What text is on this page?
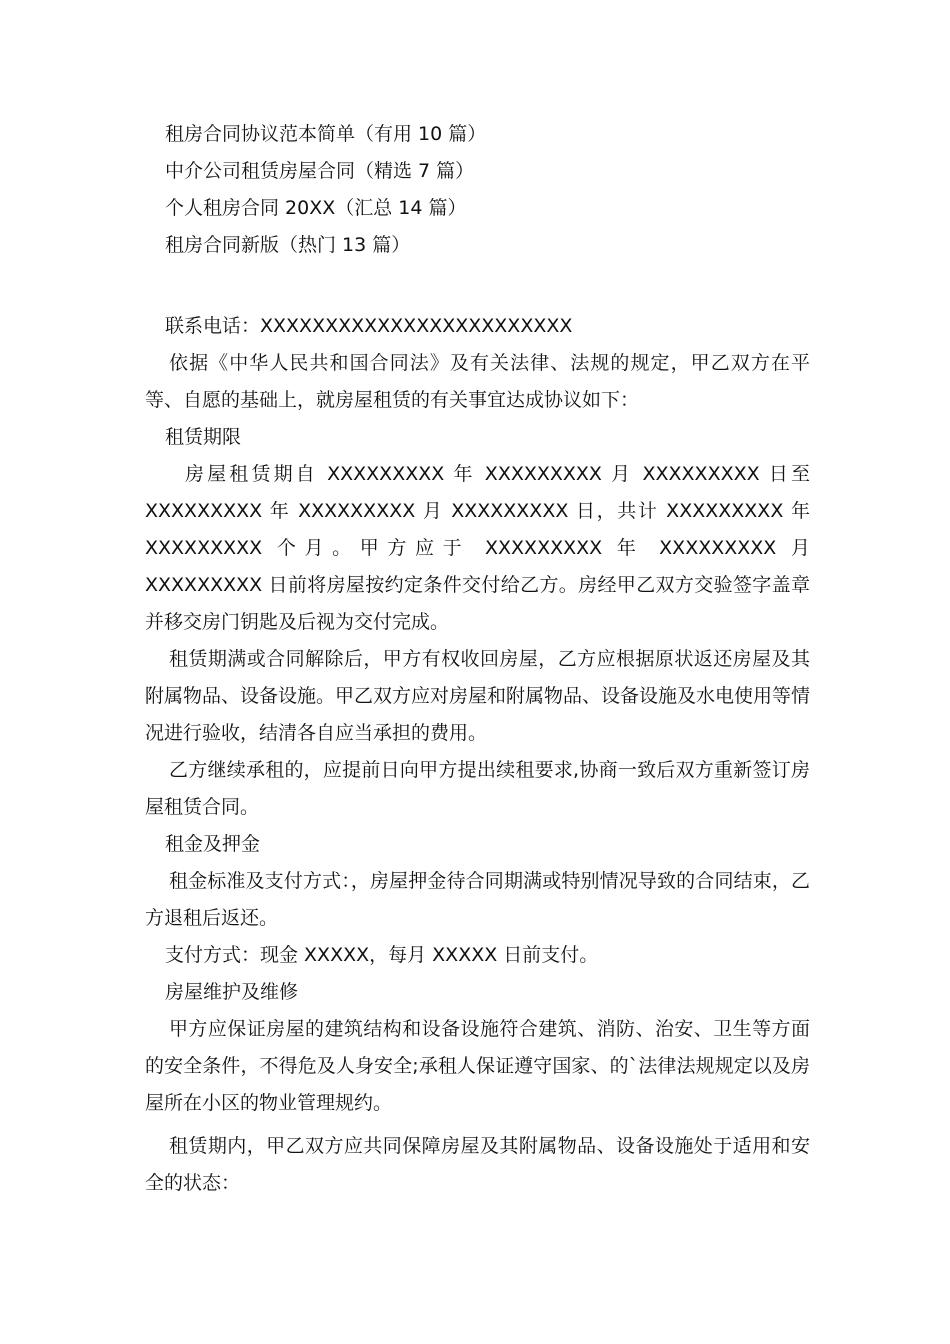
租房合同协议范本简单（有用 10 篇）

中介公司租赁房屋合同（精选 7 篇）

个人租房合同 20XX（汇总 14 篇）

租房合同新版（热门 13 篇）

联系电话：XXXXXXXXXXXXXXXXXXXXXXXX

依据《中华人民共和国合同法》及有关法律、法规的规定，甲乙双方在平等、自愿的基础上，就房屋租赁的有关事宜达成协议如下：

租赁期限

房屋租赁期自 XXXXXXXXX 年 XXXXXXXXX 月 XXXXXXXXX 日至 XXXXXXXXX 年 XXXXXXXXX 月 XXXXXXXXX 日，共计 XXXXXXXXX 年 XXXXXXXXX 个月。甲方应于 XXXXXXXXX 年 XXXXXXXXX 月 XXXXXXXXX 日前将房屋按约定条件交付给乙方。房经甲乙双方交验签字盖章并移交房门钥匙及后视为交付完成。

租赁期满或合同解除后，甲方有权收回房屋，乙方应根据原状返还房屋及其附属物品、设备设施。甲乙双方应对房屋和附属物品、设备设施及水电使用等情况进行验收，结清各自应当承担的费用。

乙方继续承租的，应提前日向甲方提出续租要求,协商一致后双方重新签订房屋租赁合同。

租金及押金

租金标准及支付方式：，房屋押金待合同期满或特别情况导致的合同结束，乙方退租后返还。

支付方式：现金 XXXXX，每月 XXXXX 日前支付。

房屋维护及维修

甲方应保证房屋的建筑结构和设备设施符合建筑、消防、治安、卫生等方面的安全条件，不得危及人身安全;承租人保证遵守国家、的`法律法规规定以及房屋所在小区的物业管理规约。

租赁期内，甲乙双方应共同保障房屋及其附属物品、设备设施处于适用和安全的状态：
